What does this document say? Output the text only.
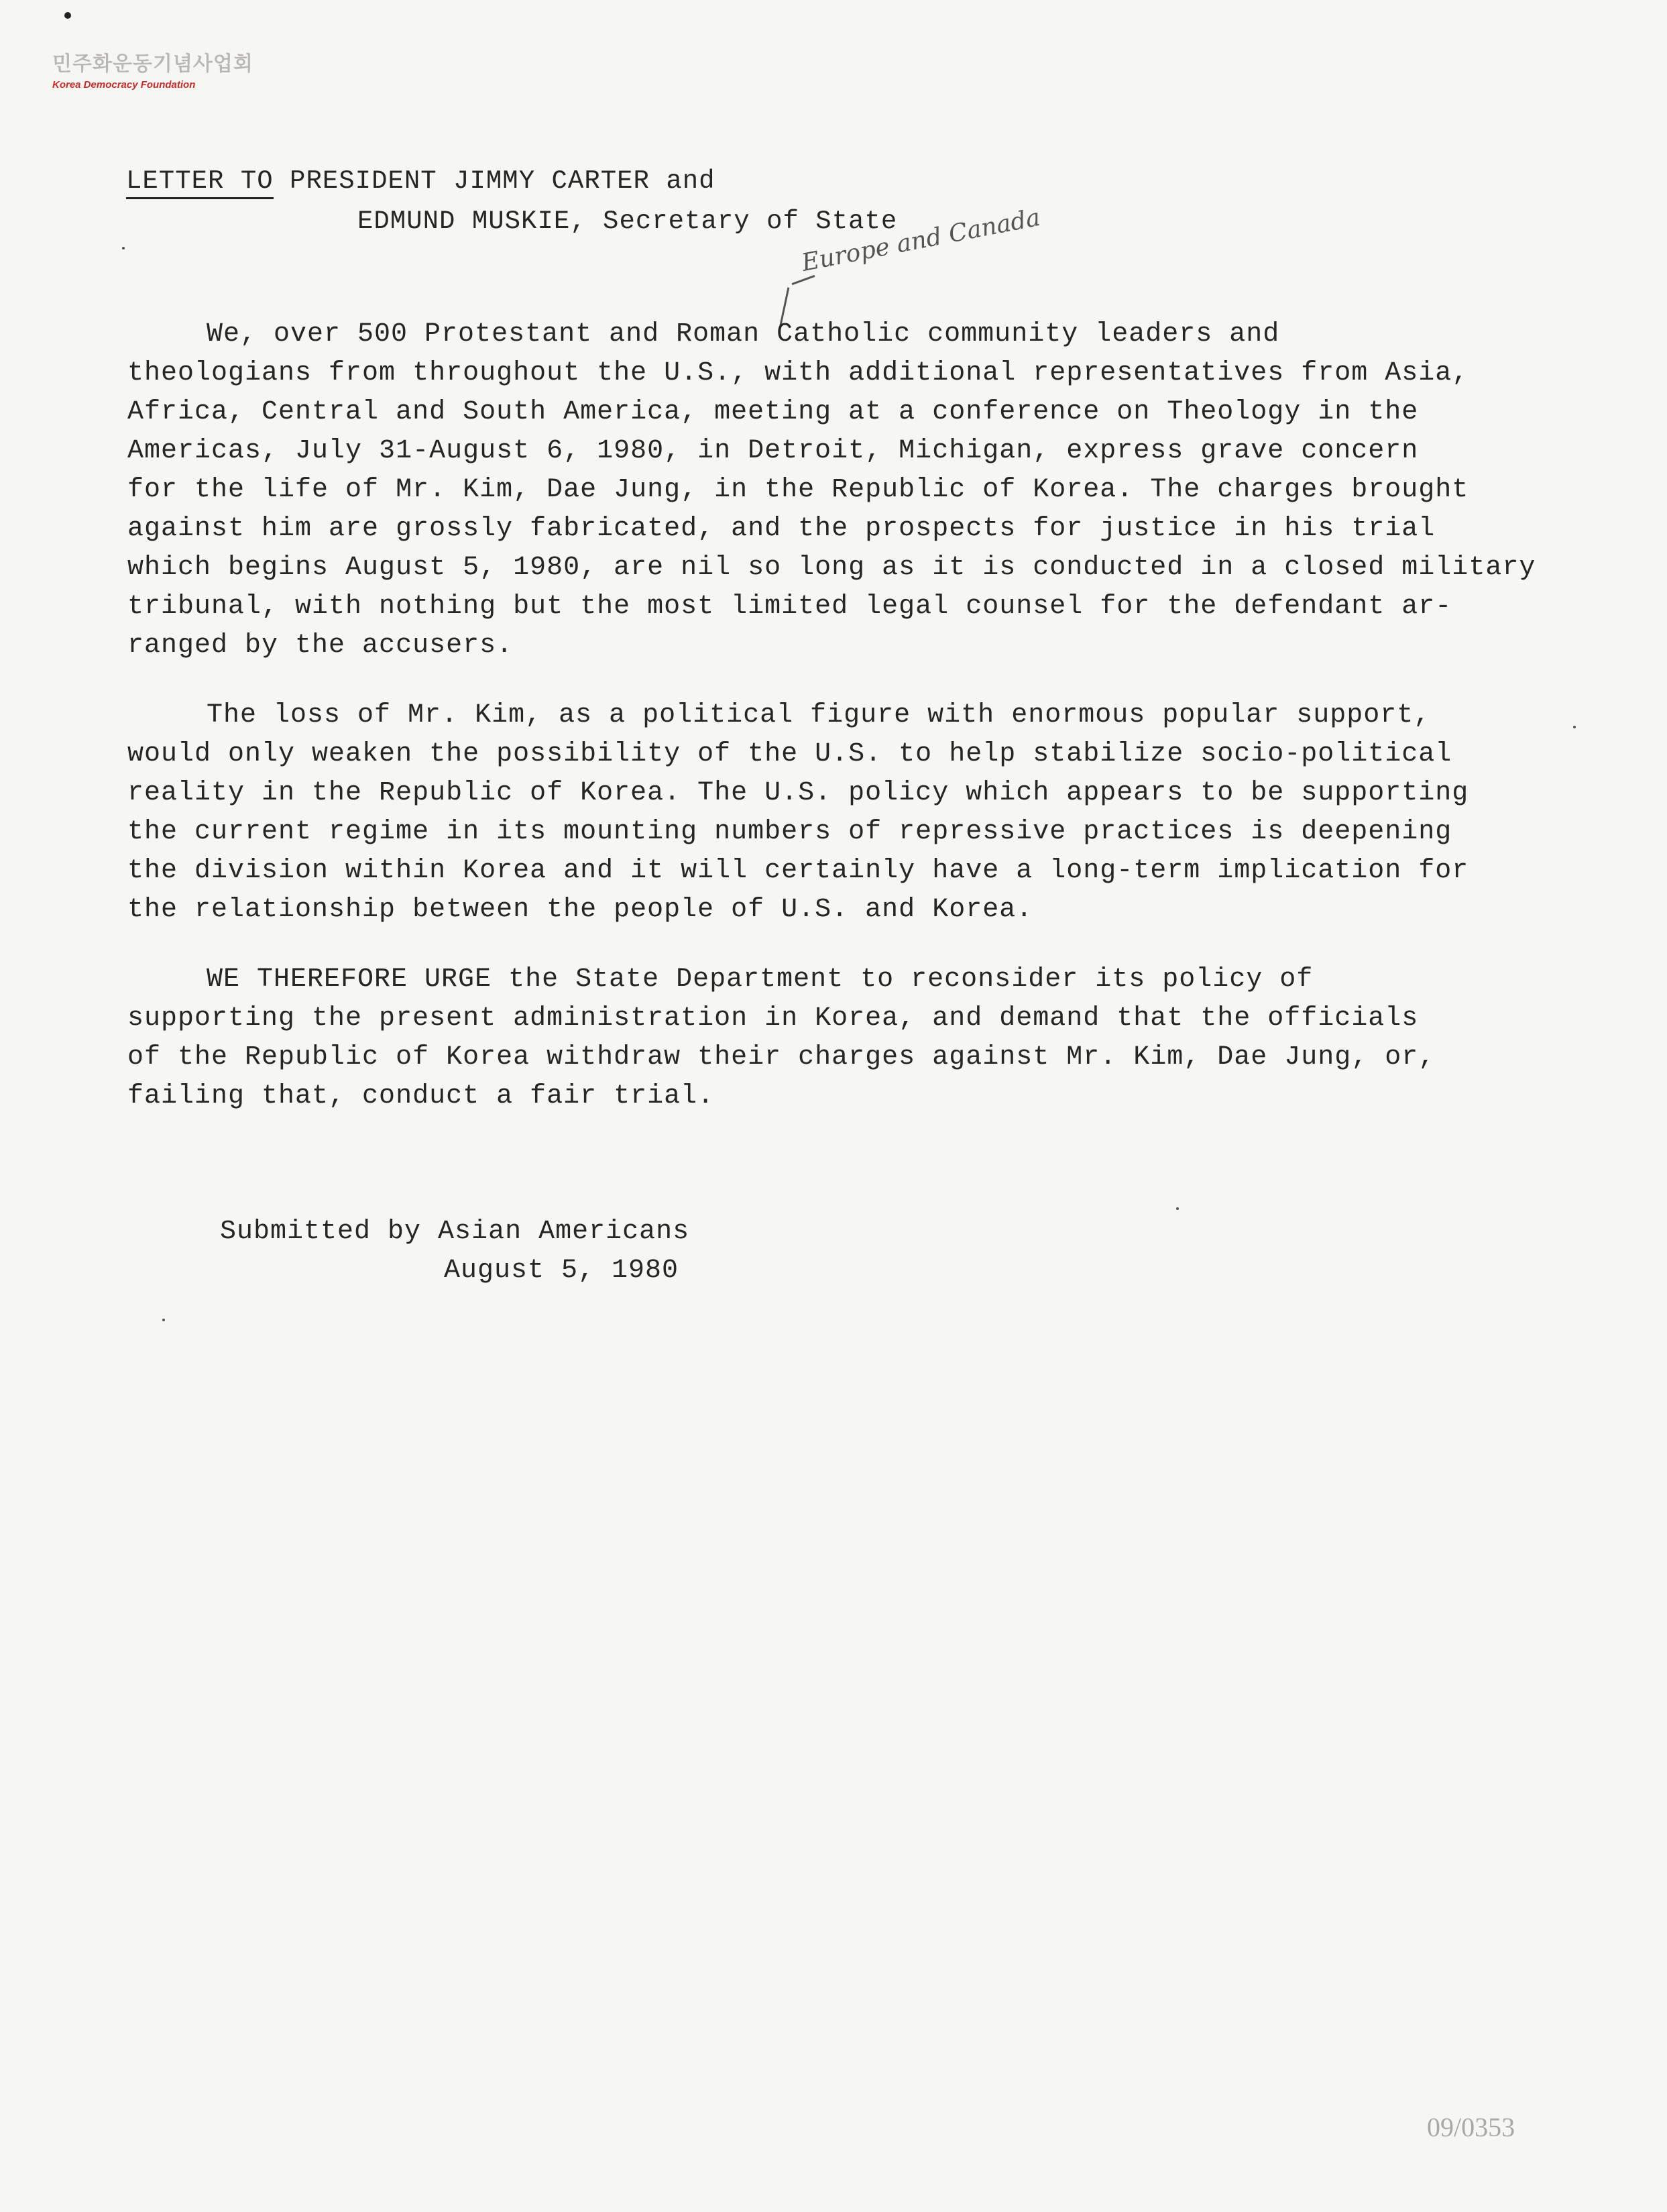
민주화운동기념사업회
Korea Democracy Foundation
LETTER TO PRESIDENT JIMMY CARTER and
EDMUND MUSKIE, Secretary of State
Europe and Canada

We, over 500 Protestant and Roman Catholic community leaders and
theologians from throughout the U.S., with additional representatives from Asia,
Africa, Central and South America, meeting at a conference on Theology in the
Americas, July 31-August 6, 1980, in Detroit, Michigan, express grave concern
for the life of Mr. Kim, Dae Jung, in the Republic of Korea. The charges brought
against him are grossly fabricated, and the prospects for justice in his trial
which begins August 5, 1980, are nil so long as it is conducted in a closed military
tribunal, with nothing but the most limited legal counsel for the defendant ar-
ranged by the accusers.

The loss of Mr. Kim, as a political figure with enormous popular support,
would only weaken the possibility of the U.S. to help stabilize socio-political
reality in the Republic of Korea. The U.S. policy which appears to be supporting
the current regime in its mounting numbers of repressive practices is deepening
the division within Korea and it will certainly have a long-term implication for
the relationship between the people of U.S. and Korea.

WE THEREFORE URGE the State Department to reconsider its policy of
supporting the present administration in Korea, and demand that the officials
of the Republic of Korea withdraw their charges against Mr. Kim, Dae Jung, or,
failing that, conduct a fair trial.

Submitted by Asian Americans
August 5, 1980
09/0353
